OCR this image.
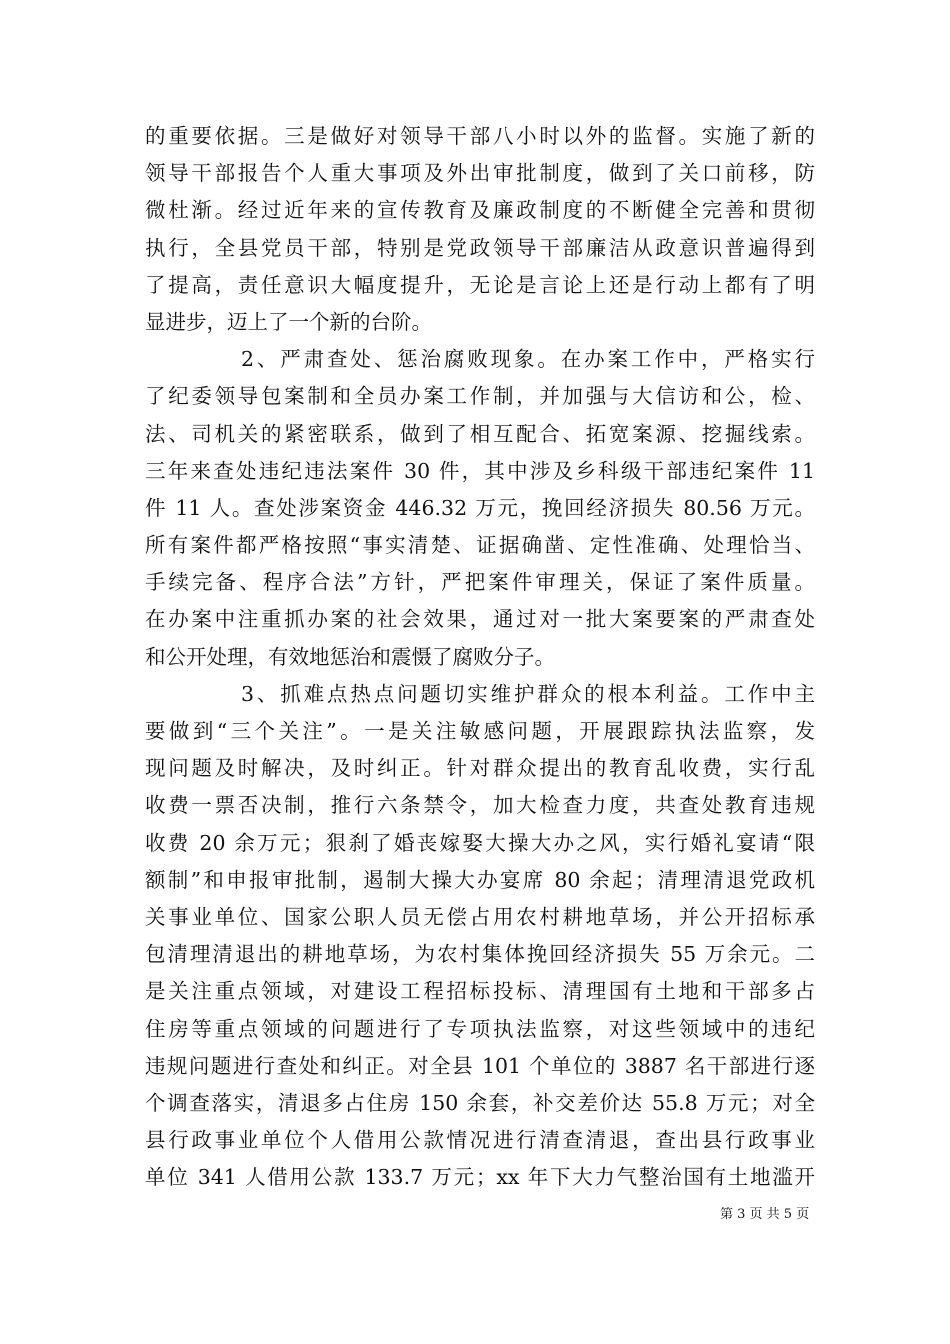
的重要依据。三是做好对领导干部八小时以外的监督。实施了新的
领导干部报告个人重大事项及外出审批制度，做到了关口前移，防
微杜渐。经过近年来的宣传教育及廉政制度的不断健全完善和贯彻
执行，全县党员干部，特别是党政领导干部廉洁从政意识普遍得到
了提高，责任意识大幅度提升，无论是言论上还是行动上都有了明
显进步，迈上了一个新的台阶。
2、严肃查处、惩治腐败现象。在办案工作中，严格实行
了纪委领导包案制和全员办案工作制，并加强与大信访和公，检、
法、司机关的紧密联系，做到了相互配合、拓宽案源、挖掘线索。
三年来查处违纪违法案件 30 件，其中涉及乡科级干部违纪案件 11
件 11 人。查处涉案资金 446.32 万元，挽回经济损失 80.56 万元。
所有案件都严格按照“事实清楚、证据确凿、定性准确、处理恰当、
手续完备、程序合法”方针，严把案件审理关，保证了案件质量。
在办案中注重抓办案的社会效果，通过对一批大案要案的严肃查处
和公开处理，有效地惩治和震慑了腐败分子。
3、抓难点热点问题切实维护群众的根本利益。工作中主
要做到“三个关注”。一是关注敏感问题，开展跟踪执法监察，发
现问题及时解决，及时纠正。针对群众提出的教育乱收费，实行乱
收费一票否决制，推行六条禁令，加大检查力度，共查处教育违规
收费 20 余万元；狠刹了婚丧嫁娶大操大办之风，实行婚礼宴请“限
额制”和申报审批制，遏制大操大办宴席 80 余起；清理清退党政机
关事业单位、国家公职人员无偿占用农村耕地草场，并公开招标承
包清理清退出的耕地草场，为农村集体挽回经济损失 55 万余元。二
是关注重点领域，对建设工程招标投标、清理国有土地和干部多占
住房等重点领域的问题进行了专项执法监察，对这些领域中的违纪
违规问题进行查处和纠正。对全县 101 个单位的 3887 名干部进行逐
个调查落实，清退多占住房 150 余套，补交差价达 55.8 万元；对全
县行政事业单位个人借用公款情况进行清查清退，查出县行政事业
单位 341 人借用公款 133.7 万元；xx 年下大力气整治国有土地滥开
第 3 页 共 5 页
